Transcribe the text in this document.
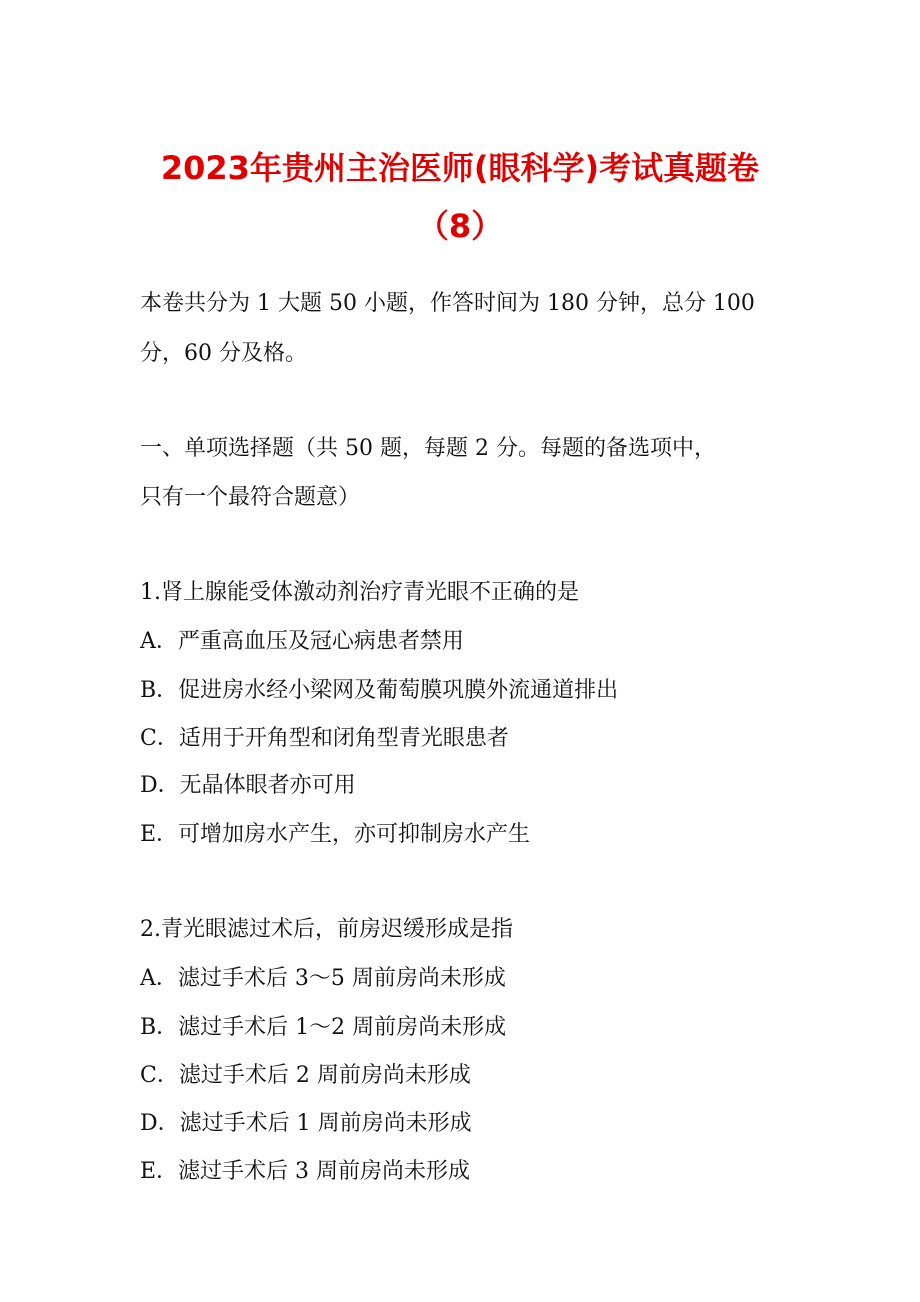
2023年贵州主治医师(眼科学)考试真题卷
（8）
本卷共分为 1 大题 50 小题，作答时间为 180 分钟，总分 100
分，60 分及格。
一、单项选择题（共 50 题，每题 2 分。每题的备选项中，
只有一个最符合题意）
1.肾上腺能受体激动剂治疗青光眼不正确的是
A．严重高血压及冠心病患者禁用
B．促进房水经小梁网及葡萄膜巩膜外流通道排出
C．适用于开角型和闭角型青光眼患者
D．无晶体眼者亦可用
E．可增加房水产生，亦可抑制房水产生
2.青光眼滤过术后，前房迟缓形成是指
A．滤过手术后 3～5 周前房尚未形成
B．滤过手术后 1～2 周前房尚未形成
C．滤过手术后 2 周前房尚未形成
D．滤过手术后 1 周前房尚未形成
E．滤过手术后 3 周前房尚未形成
